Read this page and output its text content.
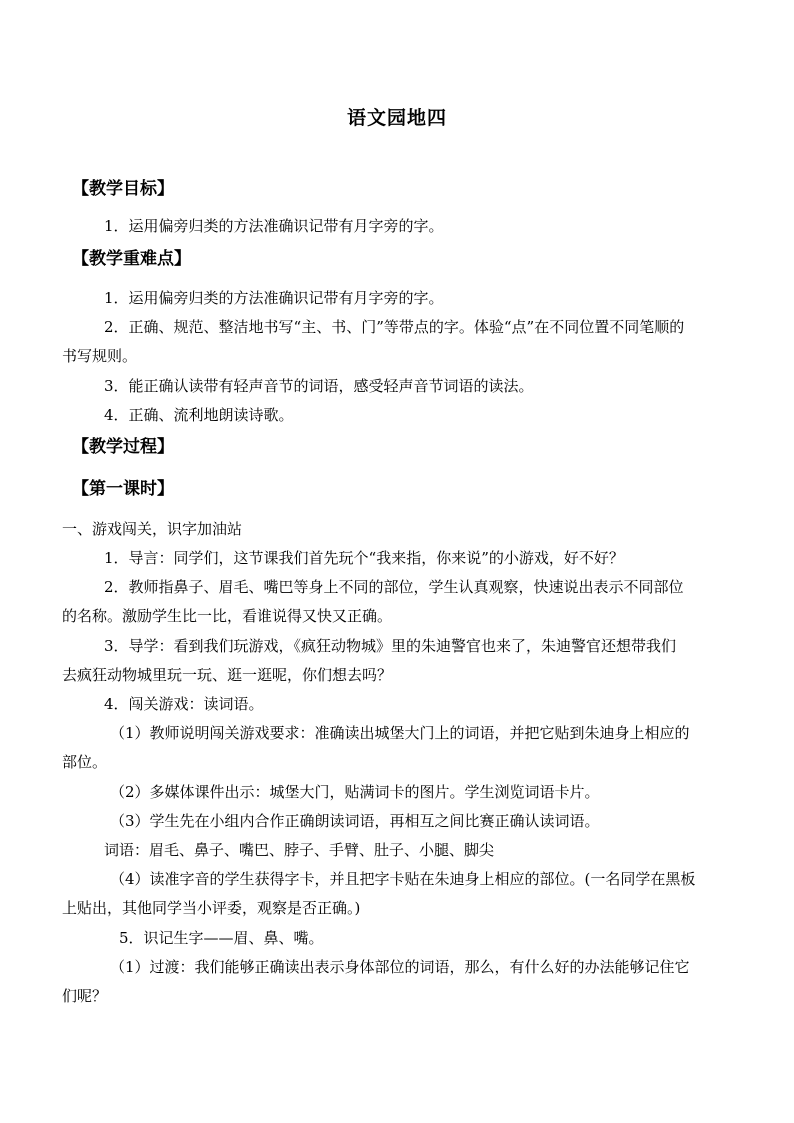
语文园地四
【教学目标】
1．运用偏旁归类的方法准确识记带有月字旁的字。
【教学重难点】
1．运用偏旁归类的方法准确识记带有月字旁的字。
2．正确、规范、整洁地书写“主、书、门”等带点的字。体验“点”在不同位置不同笔顺的
书写规则。
3．能正确认读带有轻声音节的词语，感受轻声音节词语的读法。
4．正确、流利地朗读诗歌。
【教学过程】
【第一课时】
一、游戏闯关，识字加油站
1．导言：同学们，这节课我们首先玩个“我来指，你来说”的小游戏，好不好？
2．教师指鼻子、眉毛、嘴巴等身上不同的部位，学生认真观察，快速说出表示不同部位
的名称。激励学生比一比，看谁说得又快又正确。
3．导学：看到我们玩游戏，《疯狂动物城》里的朱迪警官也来了，朱迪警官还想带我们
去疯狂动物城里玩一玩、逛一逛呢，你们想去吗？
4．闯关游戏：读词语。
（1）教师说明闯关游戏要求：准确读出城堡大门上的词语，并把它贴到朱迪身上相应的
部位。
（2）多媒体课件出示：城堡大门，贴满词卡的图片。学生浏览词语卡片。
（3）学生先在小组内合作正确朗读词语，再相互之间比赛正确认读词语。
词语：眉毛、鼻子、嘴巴、脖子、手臂、肚子、小腿、脚尖
（4）读准字音的学生获得字卡，并且把字卡贴在朱迪身上相应的部位。(一名同学在黑板
上贴出，其他同学当小评委，观察是否正确。)
5．识记生字——眉、鼻、嘴。
（1）过渡：我们能够正确读出表示身体部位的词语，那么，有什么好的办法能够记住它
们呢？
